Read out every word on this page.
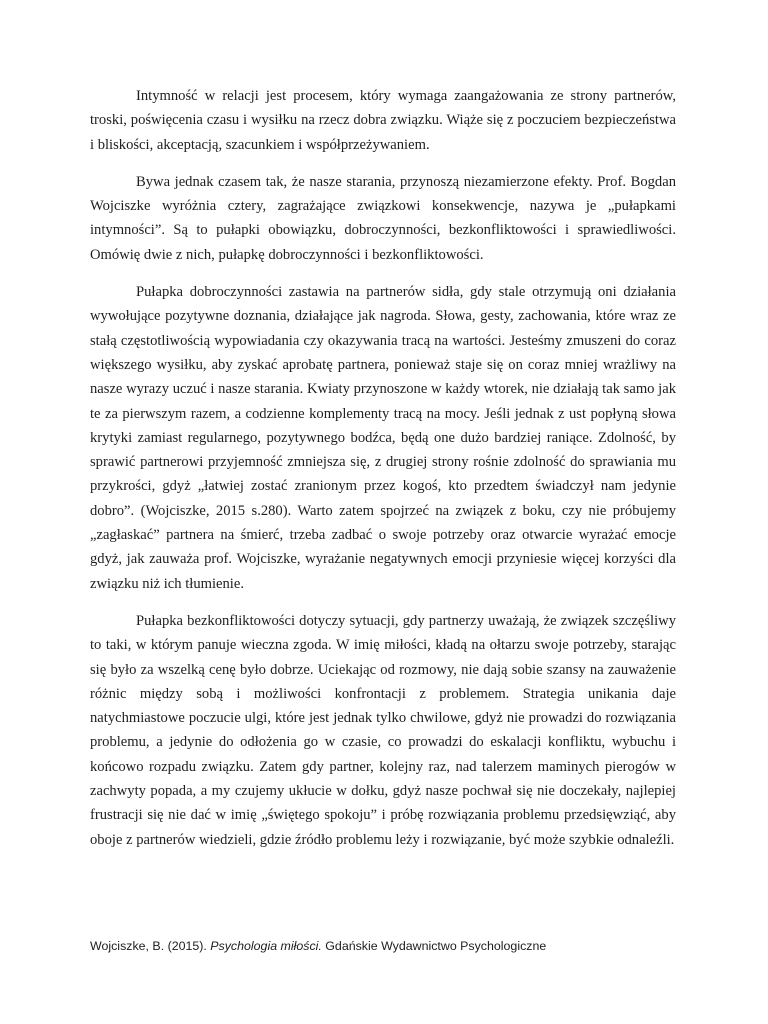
Intymność w relacji jest procesem, który wymaga zaangażowania ze strony partnerów, troski, poświęcenia czasu i wysiłku na rzecz dobra związku. Wiąże się z poczuciem bezpieczeństwa i bliskości, akceptacją, szacunkiem i współprzeżywaniem.

Bywa jednak czasem tak, że nasze starania, przynoszą niezamierzone efekty. Prof. Bogdan Wojciszke wyróżnia cztery, zagrażające związkowi konsekwencje, nazywa je „pułapkami intymności”. Są to pułapki obowiązku, dobroczynności, bezkonfliktowości i sprawiedliwości. Omówię dwie z nich, pułapkę dobroczynności i bezkonfliktowości.

Pułapka dobroczynności zastawia na partnerów sidła, gdy stale otrzymują oni działania wywołujące pozytywne doznania, działające jak nagroda. Słowa, gesty, zachowania, które wraz ze stałą częstotliwością wypowiadania czy okazywania tracą na wartości. Jesteśmy zmuszeni do coraz większego wysiłku, aby zyskać aprobatę partnera, ponieważ staje się on coraz mniej wrażliwy na nasze wyrazy uczuć i nasze starania. Kwiaty przynoszone w każdy wtorek, nie działają tak samo jak te za pierwszym razem, a codzienne komplementy tracą na mocy. Jeśli jednak z ust popłyną słowa krytyki zamiast regularnego, pozytywnego bodźca, będą one dużo bardziej raniące. Zdolność, by sprawić partnerowi przyjemność zmniejsza się, z drugiej strony rośnie zdolność do sprawiania mu przykrości, gdyż „łatwiej zostać zranionym przez kogoś, kto przedtem świadczył nam jedynie dobro”. (Wojciszke, 2015 s.280). Warto zatem spojrzeć na związek z boku, czy nie próbujemy „zagłaskać” partnera na śmierć, trzeba zadbać o swoje potrzeby oraz otwarcie wyrażać emocje gdyż, jak zauważa prof. Wojciszke, wyrażanie negatywnych emocji przyniesie więcej korzyści dla związku niż ich tłumienie.

Pułapka bezkonfliktowości dotyczy sytuacji, gdy partnerzy uważają, że związek szczęśliwy to taki, w którym panuje wieczna zgoda. W imię miłości, kładą na ołtarzu swoje potrzeby, starając się było za wszelką cenę było dobrze. Uciekając od rozmowy, nie dają sobie szansy na zauważenie różnic między sobą i możliwości konfrontacji z problemem. Strategia unikania daje natychmiastowe poczucie ulgi, które jest jednak tylko chwilowe, gdyż nie prowadzi do rozwiązania problemu, a jedynie do odłożenia go w czasie, co prowadzi do eskalacji konfliktu, wybuchu i końcowo rozpadu związku. Zatem gdy partner, kolejny raz, nad talerzem maminych pierogów w zachwyty popada, a my czujemy ukłucie w dołku, gdyż nasze pochwał się nie doczekały, najlepiej frustracji się nie dać w imię „świętego spokoju” i próbę rozwiązania problemu przedsięwziąć, aby oboje z partnerów wiedzieli, gdzie źródło problemu leży i rozwiązanie, być może szybkie odnaleźli.

Wojciszke, B. (2015). Psychologia miłości. Gdańskie Wydawnictwo Psychologiczne
